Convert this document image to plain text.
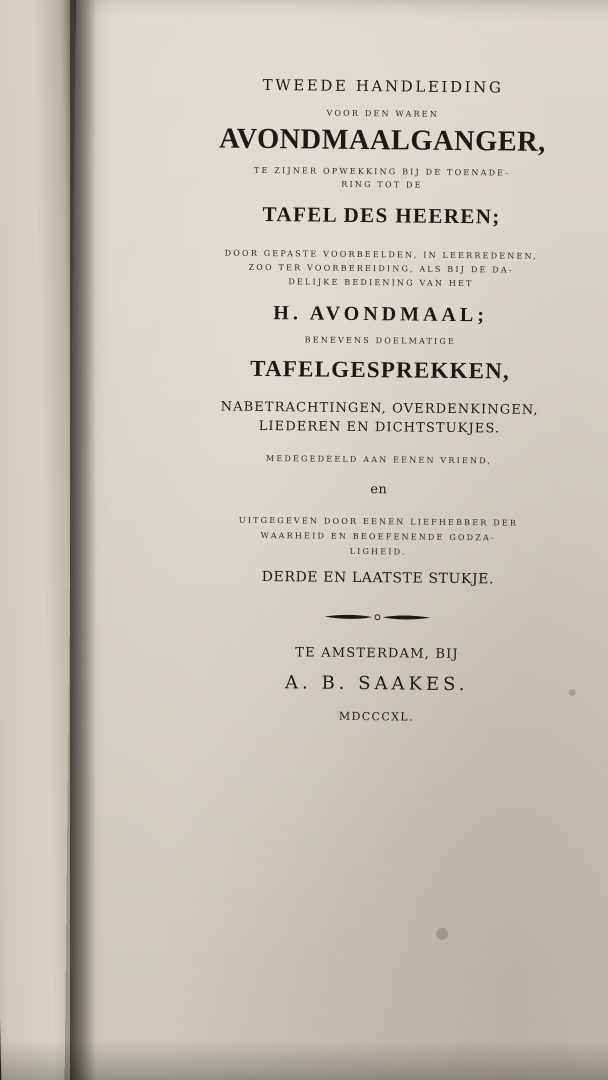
TWEEDE HANDLEIDING
VOOR DEN WAREN
AVONDMAALGANGER,
TE ZIJNER OPWEKKING BIJ DE TOENADE-
RING TOT DE
TAFEL DES HEEREN;
DOOR GEPASTE VOORBEELDEN, IN LEERREDENEN,
ZOO TER VOORBEREIDING, ALS BIJ DE DA-
DELIJKE BEDIENING VAN HET
H. AVONDMAAL;
BENEVENS DOELMATIGE
TAFELGESPREKKEN,
NABETRACHTINGEN, OVERDENKINGEN,
LIEDEREN EN DICHTSTUKJES.
MEDEGEDEELD AAN EENEN VRIEND,
en
UITGEGEVEN DOOR EENEN LIEFHEBBER DER
WAARHEID EN BEOEFENENDE GODZA-
LIGHEID.
DERDE EN LAATSTE STUKJE.
TE AMSTERDAM, BIJ
A. B. SAAKES.
MDCCCXL.
